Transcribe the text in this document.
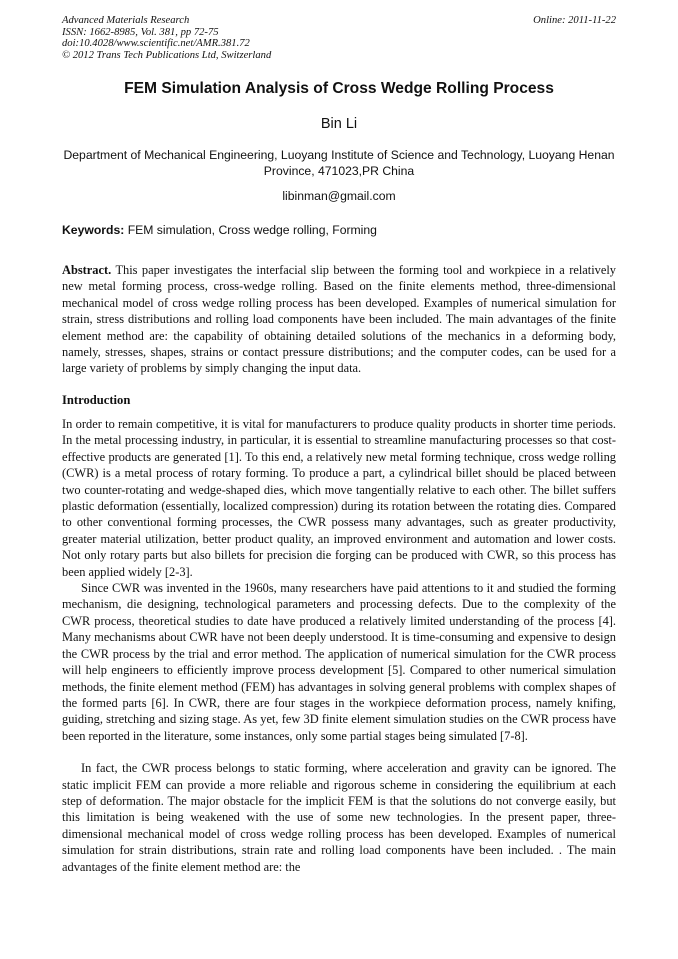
Advanced Materials Research
ISSN: 1662-8985, Vol. 381, pp 72-75
doi:10.4028/www.scientific.net/AMR.381.72
© 2012 Trans Tech Publications Ltd, Switzerland
Online: 2011-11-22
FEM Simulation Analysis of Cross Wedge Rolling Process
Bin Li
Department of Mechanical Engineering, Luoyang Institute of Science and Technology, Luoyang Henan Province, 471023,PR China
libinman@gmail.com
Keywords: FEM simulation, Cross wedge rolling, Forming

Abstract. This paper investigates the interfacial slip between the forming tool and workpiece in a relatively new metal forming process, cross-wedge rolling. Based on the finite elements method, three-dimensional mechanical model of cross wedge rolling process has been developed. Examples of numerical simulation for strain, stress distributions and rolling load components have been included. The main advantages of the finite element method are: the capability of obtaining detailed solutions of the mechanics in a deforming body, namely, stresses, shapes, strains or contact pressure distributions; and the computer codes, can be used for a large variety of problems by simply changing the input data.

Introduction

In order to remain competitive, it is vital for manufacturers to produce quality products in shorter time periods. In the metal processing industry, in particular, it is essential to streamline manufacturing processes so that cost-effective products are generated [1]. To this end, a relatively new metal forming technique, cross wedge rolling (CWR) is a metal process of rotary forming. To produce a part, a cylindrical billet should be placed between two counter-rotating and wedge-shaped dies, which move tangentially relative to each other. The billet suffers plastic deformation (essentially, localized compression) during its rotation between the rotating dies. Compared to other conventional forming processes, the CWR possess many advantages, such as greater productivity, greater material utilization, better product quality, an improved environment and automation and lower costs. Not only rotary parts but also billets for precision die forging can be produced with CWR, so this process has been applied widely [2-3].

Since CWR was invented in the 1960s, many researchers have paid attentions to it and studied the forming mechanism, die designing, technological parameters and processing defects. Due to the complexity of the CWR process, theoretical studies to date have produced a relatively limited understanding of the process [4]. Many mechanisms about CWR have not been deeply understood. It is time-consuming and expensive to design the CWR process by the trial and error method. The application of numerical simulation for the CWR process will help engineers to efficiently improve process development [5]. Compared to other numerical simulation methods, the finite element method (FEM) has advantages in solving general problems with complex shapes of the formed parts [6]. In CWR, there are four stages in the workpiece deformation process, namely knifing, guiding, stretching and sizing stage. As yet, few 3D finite element simulation studies on the CWR process have been reported in the literature, some instances, only some partial stages being simulated [7-8].

In fact, the CWR process belongs to static forming, where acceleration and gravity can be ignored. The static implicit FEM can provide a more reliable and rigorous scheme in considering the equilibrium at each step of deformation. The major obstacle for the implicit FEM is that the solutions do not converge easily, but this limitation is being weakened with the use of some new technologies. In the present paper, three-dimensional mechanical model of cross wedge rolling process has been developed. Examples of numerical simulation for strain distributions, strain rate and rolling load components have been included. . The main advantages of the finite element method are: the
